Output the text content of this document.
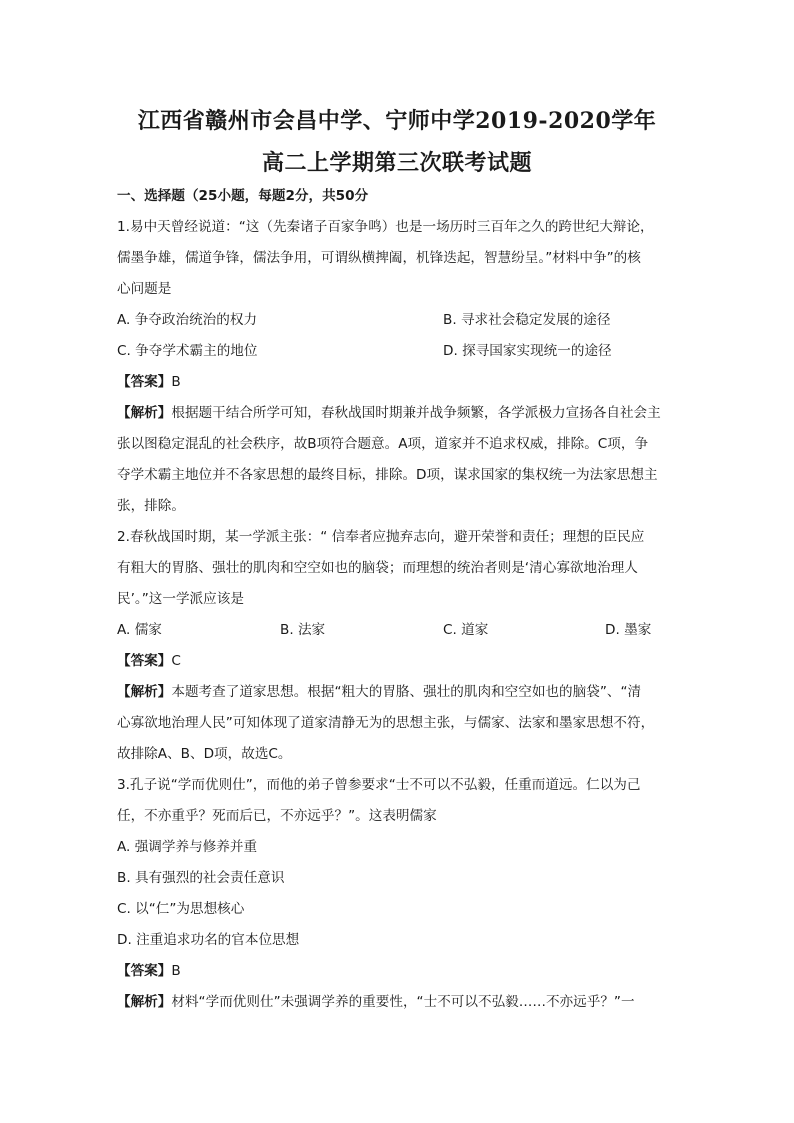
江西省赣州市会昌中学、宁师中学2019-2020学年
高二上学期第三次联考试题
一、选择题（25小题，每题2分，共50分
1.易中天曾经说道：“这（先秦诸子百家争鸣）也是一场历时三百年之久的跨世纪大辩论，
儒墨争雄，儒道争锋，儒法争用，可谓纵横捭阖，机锋迭起，智慧纷呈。”材料中争”的核
心问题是
A. 争夺政治统治的权力	B. 寻求社会稳定发展的途径
C. 争夺学术霸主的地位	D. 探寻国家实现统一的途径
【答案】B
【解析】根据题干结合所学可知，春秋战国时期兼并战争频繁，各学派极力宣扬各自社会主
张以图稳定混乱的社会秩序，故B项符合题意。A项，道家并不追求权威，排除。C项，争
夺学术霸主地位并不各家思想的最终目标，排除。D项，谋求国家的集权统一为法家思想主
张，排除。
2.春秋战国时期，某一学派主张：“ 信奉者应抛弃志向，避开荣誉和责任；理想的臣民应
有粗大的胃胳、强壮的肌肉和空空如也的脑袋；而理想的统治者则是‘清心寡欲地治理人
民’。”这一学派应该是
A. 儒家	B. 法家	C. 道家	D. 墨家
【答案】C
【解析】本题考查了道家思想。根据“粗大的胃胳、强壮的肌肉和空空如也的脑袋”、“清
心寡欲地治理人民”可知体现了道家清静无为的思想主张，与儒家、法家和墨家思想不符，
故排除A、B、D项，故选C。
3.孔子说“学而优则仕”，而他的弟子曾参要求“士不可以不弘毅，任重而道远。仁以为己
任，不亦重乎？死而后已，不亦远乎？”。这表明儒家
A. 强调学养与修养并重
B. 具有强烈的社会责任意识
C. 以“仁”为思想核心
D. 注重追求功名的官本位思想
【答案】B
【解析】材料“学而优则仕”未强调学养的重要性，“士不可以不弘毅……不亦远乎？”一
